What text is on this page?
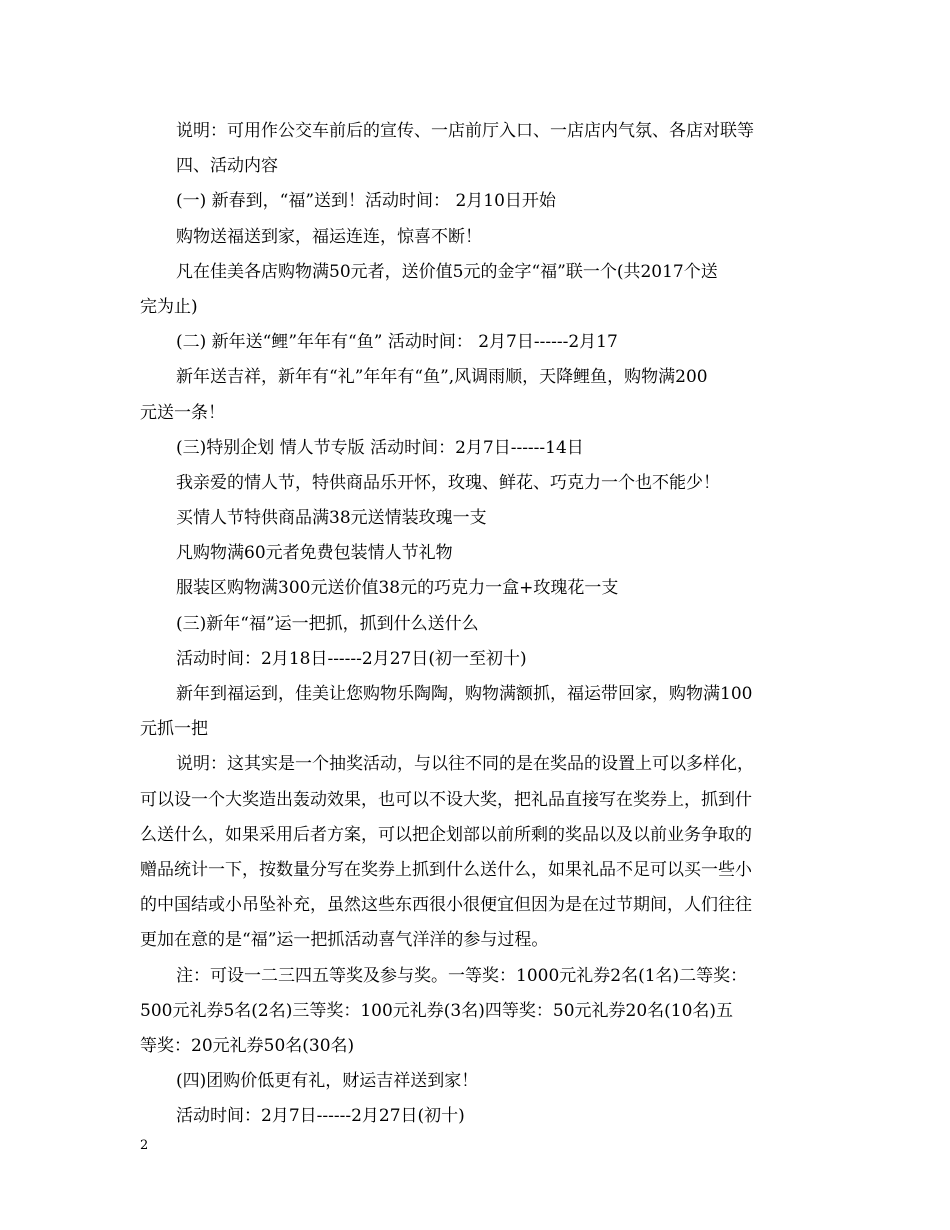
说明：可用作公交车前后的宣传、一店前厅入口、一店店内气氛、各店对联等
四、活动内容
(一) 新春到，“福”送到！活动时间： 2月10日开始
购物送福送到家，福运连连，惊喜不断！
凡在佳美各店购物满50元者，送价值5元的金字“福”联一个(共2017个送
完为止)
(二) 新年送“鲤”年年有“鱼” 活动时间： 2月7日------2月17
新年送吉祥，新年有“礼”年年有“鱼”,风调雨顺，天降鲤鱼，购物满200
元送一条！
(三)特别企划 情人节专版 活动时间：2月7日------14日
我亲爱的情人节，特供商品乐开怀，玫瑰、鲜花、巧克力一个也不能少！
买情人节特供商品满38元送情装玫瑰一支
凡购物满60元者免费包装情人节礼物
服装区购物满300元送价值38元的巧克力一盒+玫瑰花一支
(三)新年“福”运一把抓，抓到什么送什么
活动时间：2月18日------2月27日(初一至初十)
新年到福运到，佳美让您购物乐陶陶，购物满额抓，福运带回家，购物满100
元抓一把
说明：这其实是一个抽奖活动，与以往不同的是在奖品的设置上可以多样化，
可以设一个大奖造出轰动效果，也可以不设大奖，把礼品直接写在奖券上，抓到什
么送什么，如果采用后者方案，可以把企划部以前所剩的奖品以及以前业务争取的
赠品统计一下，按数量分写在奖券上抓到什么送什么，如果礼品不足可以买一些小
的中国结或小吊坠补充，虽然这些东西很小很便宜但因为是在过节期间，人们往往
更加在意的是“福”运一把抓活动喜气洋洋的参与过程。
注：可设一二三四五等奖及参与奖。一等奖：1000元礼券2名(1名)二等奖：
500元礼券5名(2名)三等奖：100元礼券(3名)四等奖：50元礼券20名(10名)五
等奖：20元礼券50名(30名)
(四)团购价低更有礼，财运吉祥送到家！
活动时间：2月7日------2月27日(初十)
2
